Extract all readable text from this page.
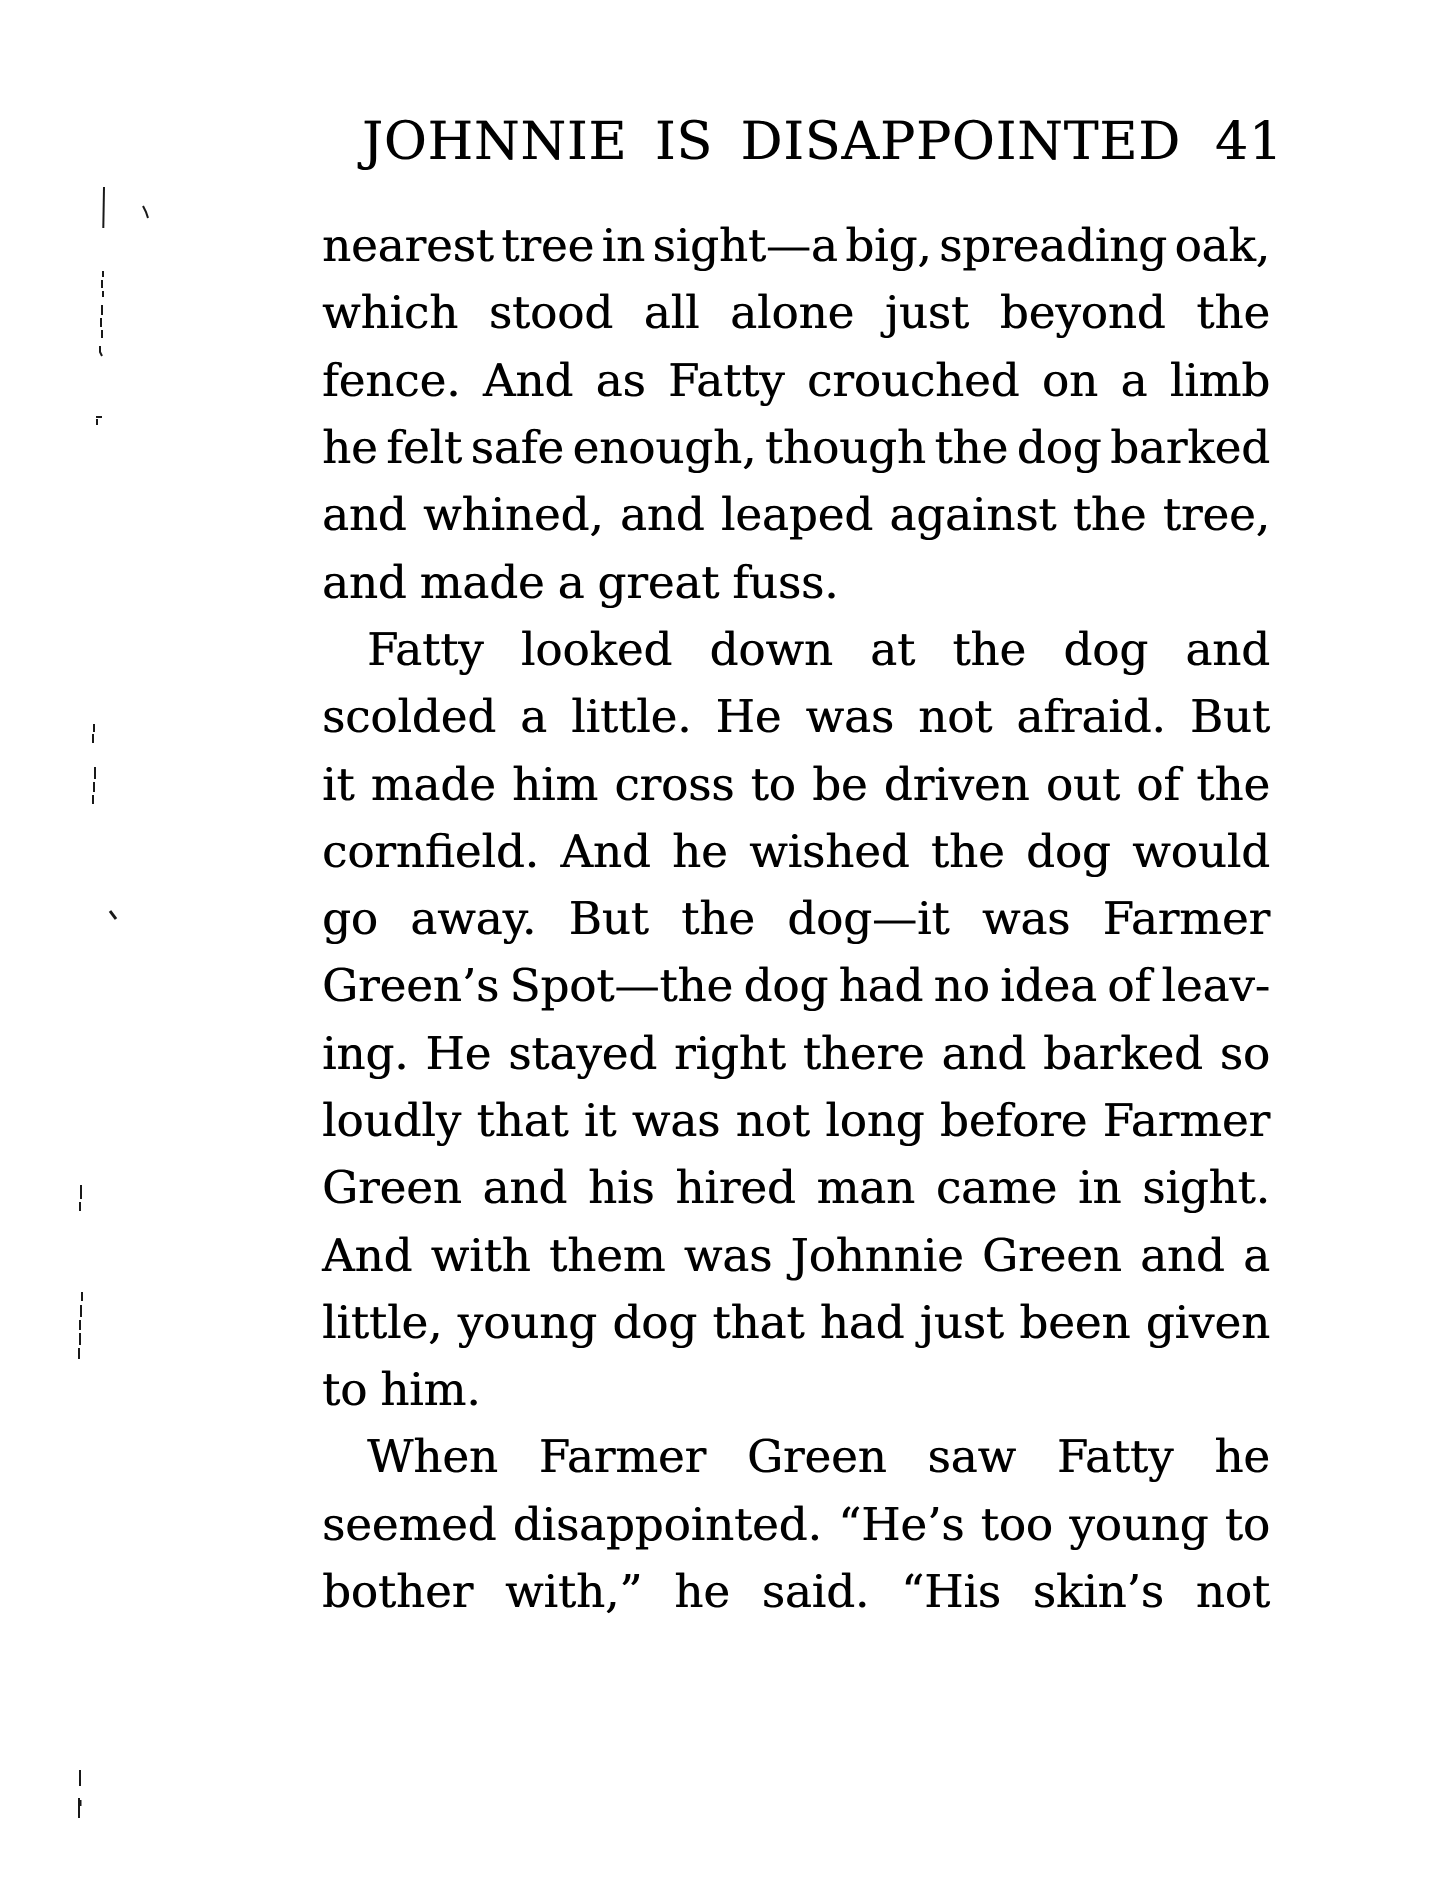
JOHNNIE IS DISAPPOINTED 41
nearest tree in sight—a big, spreading oak,
which stood all alone just beyond the
fence. And as Fatty crouched on a limb
he felt safe enough, though the dog barked
and whined, and leaped against the tree,
and made a great fuss.
Fatty looked down at the dog and
scolded a little. He was not afraid. But
it made him cross to be driven out of the
cornfield. And he wished the dog would
go away. But the dog—it was Farmer
Green’s Spot—the dog had no idea of leav-
ing. He stayed right there and barked so
loudly that it was not long before Farmer
Green and his hired man came in sight.
And with them was Johnnie Green and a
little, young dog that had just been given
to him.
When Farmer Green saw Fatty he
seemed disappointed. “He’s too young to
bother with,” he said. “His skin’s not
